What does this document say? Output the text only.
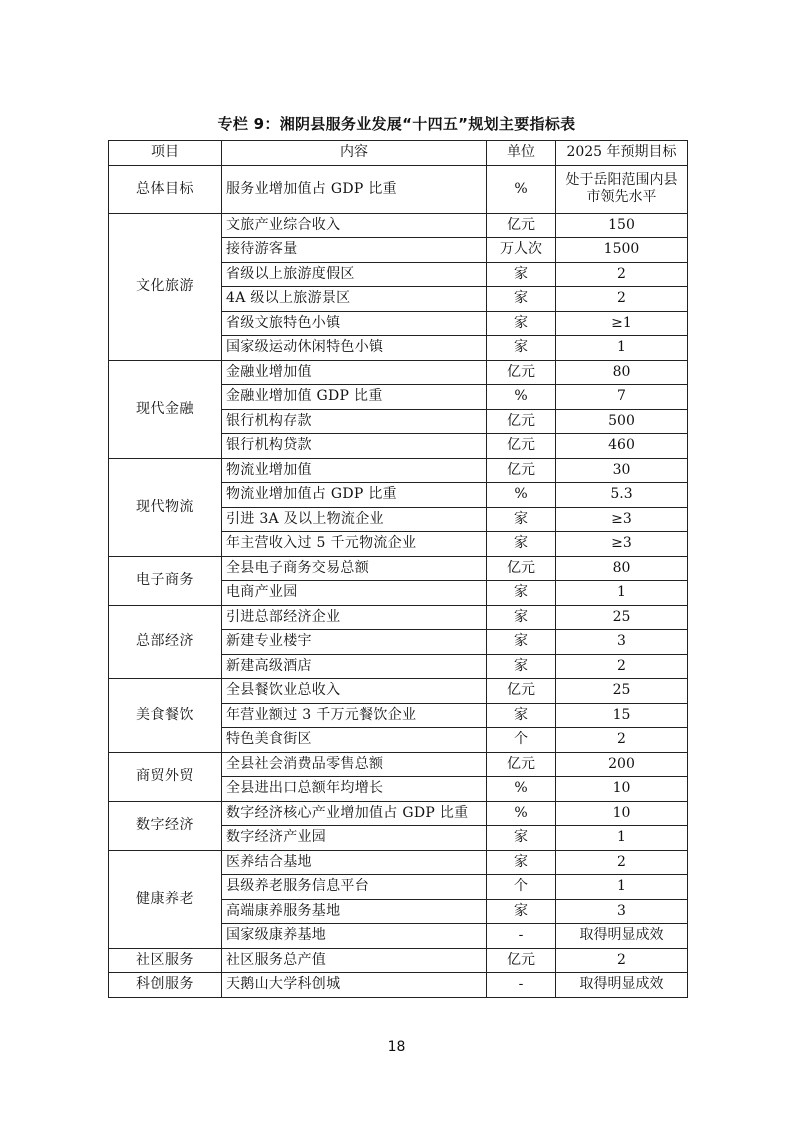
专栏 9：湘阴县服务业发展“十四五”规划主要指标表
项目	内容	单位	2025 年预期目标
总体目标	服务业增加值占 GDP 比重	%	处于岳阳范围内县市领先水平
文化旅游	文旅产业综合收入	亿元	150
	接待游客量	万人次	1500
	省级以上旅游度假区	家	2
	4A 级以上旅游景区	家	2
	省级文旅特色小镇	家	≥1
	国家级运动休闲特色小镇	家	1
现代金融	金融业增加值	亿元	80
	金融业增加值 GDP 比重	%	7
	银行机构存款	亿元	500
	银行机构贷款	亿元	460
现代物流	物流业增加值	亿元	30
	物流业增加值占 GDP 比重	%	5.3
	引进 3A 及以上物流企业	家	≥3
	年主营收入过 5 千元物流企业	家	≥3
电子商务	全县电子商务交易总额	亿元	80
	电商产业园	家	1
总部经济	引进总部经济企业	家	25
	新建专业楼宇	家	3
	新建高级酒店	家	2
美食餐饮	全县餐饮业总收入	亿元	25
	年营业额过 3 千万元餐饮企业	家	15
	特色美食街区	个	2
商贸外贸	全县社会消费品零售总额	亿元	200
	全县进出口总额年均增长	%	10
数字经济	数字经济核心产业增加值占 GDP 比重	%	10
	数字经济产业园	家	1
健康养老	医养结合基地	家	2
	县级养老服务信息平台	个	1
	高端康养服务基地	家	3
	国家级康养基地	-	取得明显成效
社区服务	社区服务总产值	亿元	2
科创服务	天鹅山大学科创城	-	取得明显成效
18
